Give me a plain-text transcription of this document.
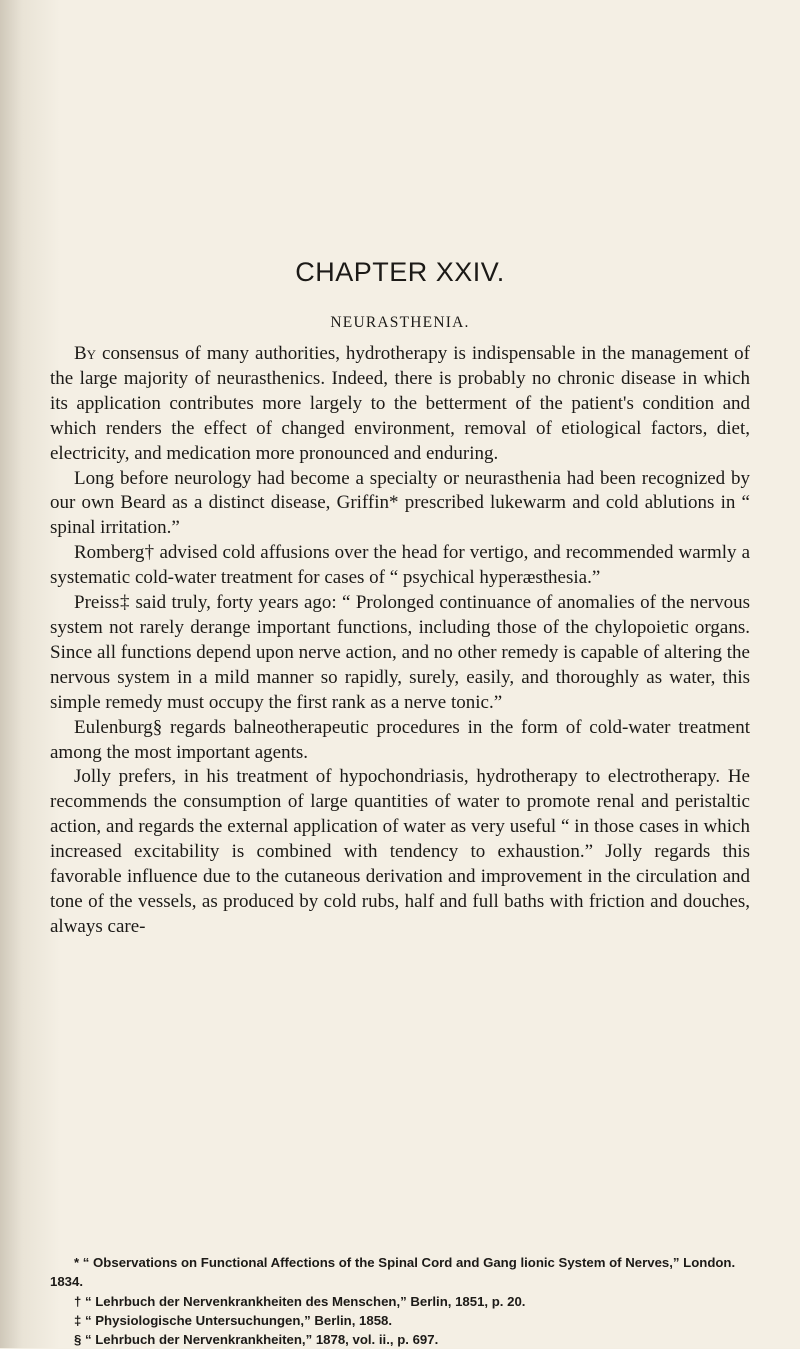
CHAPTER XXIV.
NEURASTHENIA.

By consensus of many authorities, hydrotherapy is indispensable in the management of the large majority of neurasthenics. Indeed, there is probably no chronic disease in which its application contributes more largely to the betterment of the patient's condition and which renders the effect of changed environment, removal of etiological factors, diet, electricity, and medication more pronounced and enduring.

Long before neurology had become a specialty or neurasthenia had been recognized by our own Beard as a distinct disease, Griffin* prescribed lukewarm and cold ablutions in “ spinal irritation.”

Romberg† advised cold affusions over the head for vertigo, and recommended warmly a systematic cold-water treatment for cases of “ psychical hyperæsthesia.”

Preiss‡ said truly, forty years ago: “ Prolonged continuance of anomalies of the nervous system not rarely derange important functions, including those of the chylopoietic organs. Since all functions depend upon nerve action, and no other remedy is capable of altering the nervous system in a mild manner so rapidly, surely, easily, and thoroughly as water, this simple remedy must occupy the first rank as a nerve tonic.”

Eulenburg§ regards balneotherapeutic procedures in the form of cold-water treatment among the most important agents.

Jolly prefers, in his treatment of hypochondriasis, hydrotherapy to electrotherapy. He recommends the consumption of large quantities of water to promote renal and peristaltic action, and regards the external application of water as very useful “ in those cases in which increased excitability is combined with tendency to exhaustion.” Jolly regards this favorable influence due to the cutaneous derivation and improvement in the circulation and tone of the vessels, as produced by cold rubs, half and full baths with friction and douches, always care-

* “ Observations on Functional Affections of the Spinal Cord and Gang lionic System of Nerves,” London. 1834.

† “ Lehrbuch der Nervenkrankheiten des Menschen,” Berlin, 1851, p. 20.

‡ “ Physiologische Untersuchungen,” Berlin, 1858.

§ “ Lehrbuch der Nervenkrankheiten,” 1878, vol. ii., p. 697.
